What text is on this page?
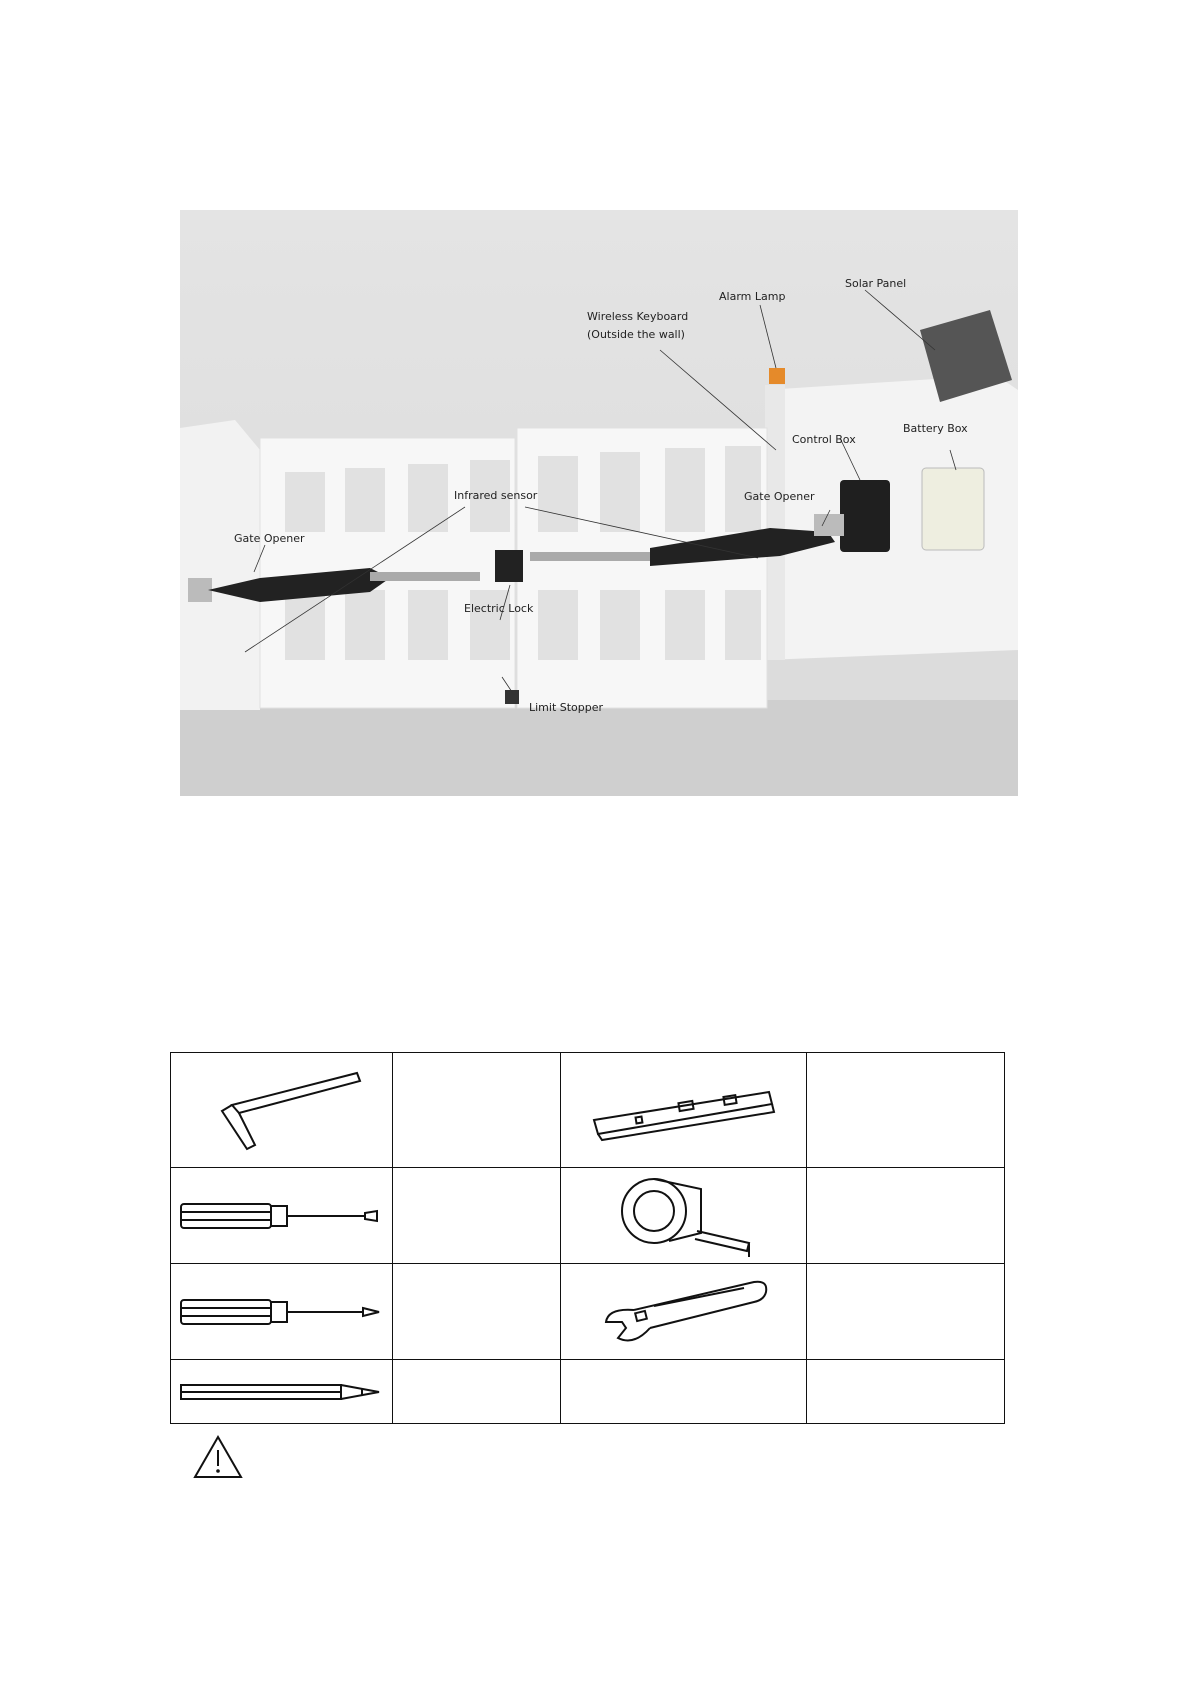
Solar Panel
Alarm Lamp
Wireless Keyboard
(Outside the wall)
Control Box
Battery Box
Infrared sensor	Gate Opener
Gate Opener
Electric Lock
Limit Stopper
